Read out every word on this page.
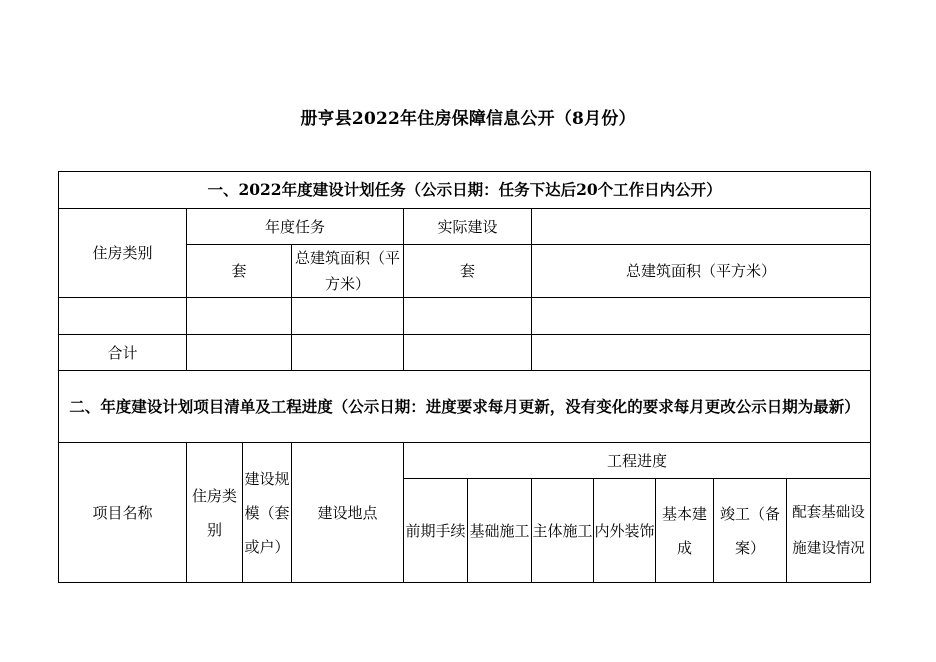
册亨县2022年住房保障信息公开（8月份）
一、2022年度建设计划任务（公示日期：任务下达后20个工作日内公开）										
住房类别	年度任务			实际建设						
	套		总建筑面积（平方米）	套		总建筑面积（平方米）				

合计										
二、年度建设计划项目清单及工程进度（公示日期：进度要求每月更新，没有变化的要求每月更改公示日期为最新）										
项目名称	住房类别	建设规模（套或户）	建设地点	工程进度						
				前期手续	基础施工	主体施工	内外装饰	基本建成	竣工（备案）	配套基础设施建设情况
